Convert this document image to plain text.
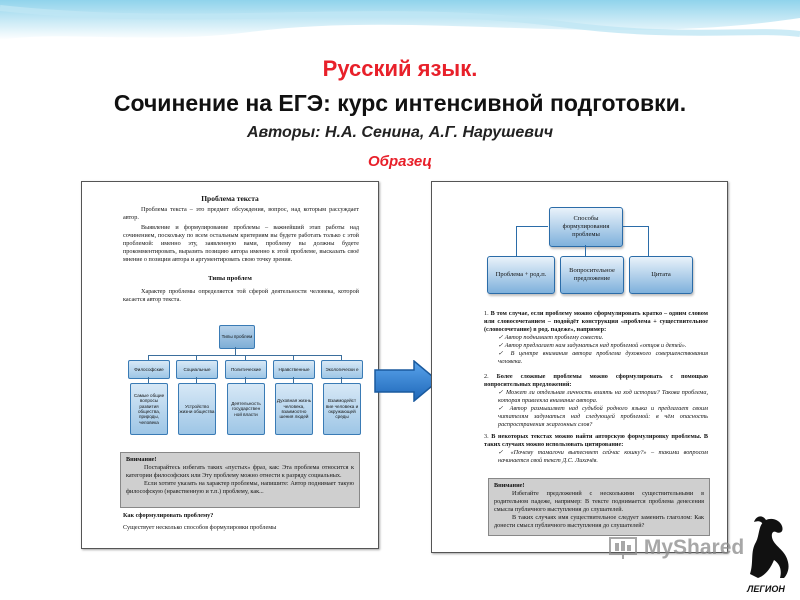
Русский язык.
Сочинение на ЕГЭ: курс интенсивной подготовки.
Авторы: Н.А. Сенина, А.Г. Нарушевич
Образец
Проблема текста
Проблема текста – это предмет обсуждения, вопрос, над которым рассуждает автор.
Выявление и формулирование проблемы – важнейший этап работы над сочинением, поскольку по всем остальным критериям вы будете работать только с этой проблемой: именно эту, заявленную вами, проблему вы должны будете прокомментировать, выразить позицию автора именно к этой проблеме, высказать своё мнение о позиции автора и аргументировать свою точку зрения.
Типы проблем
Характер проблемы определяется той сферой деятельности человека, которой касается автор текста.
Типы проблем
Философские	Социальные	Политические	Нравственные	Экологически е
Самые общие вопросы развития общества, природы, человека
Устройство жизни общества
Деятельность государствен ной власти
Духовная жизнь человека, взаимоотно шения людей
Взаимодейст вие человека и окружающей среды
Внимание!
Постарайтесь избегать таких «пустых» фраз, как: Эта проблема относится к категории философских или Эту проблему можно отнести к разряду социальных.
Если хотите указать на характер проблемы, напишите: Автор поднимает такую философскую (нравственную и т.п.) проблему, как...
Как сформулировать проблему?
Существует несколько способов формулировки проблемы
Способы формулирования проблемы
Проблема + род.п.
Вопросительное предложение
Цитата
1. В том случае, если проблему можно сформулировать кратко – одним словом или словосочетанием – подойдёт конструкция «проблема + существительное (словосочетание) в род. падеже», например:
✓ Автор поднимает проблему совести.
✓ Автор предлагает нам задуматься над проблемой «отцов и детей».
✓ В центре внимания автора проблема духовного совершенствования человека.
2. Более сложные проблемы можно сформулировать с помощью вопросительных предложений:
✓ Может ли отдельная личность влиять на ход истории? Такова проблема, которая привлекла внимание автора.
✓ Автор размышляет над судьбой родного языка и предлагает своим читателям задуматься над следующей проблемой: в чём опасность распространения жаргонных слов?
3. В некоторых текстах можно найти авторскую формулировку проблемы. В таких случаях можно использовать цитирование:
✓ «Почему тамагочи вытесняет сейчас кошку?» – такими вопросом начинается свой текст Д.С. Лихачёв.
Внимание!
Избегайте предложений с несколькими существительными в родительном падеже, например: В тексте поднимается проблема денесения смысла публичного выступления до слушателей.
В таких случаях имя существительное следует заменить глаголом: Как донести смысл публичного выступления до слушателей?
MyShared
ЛЕГИОН
